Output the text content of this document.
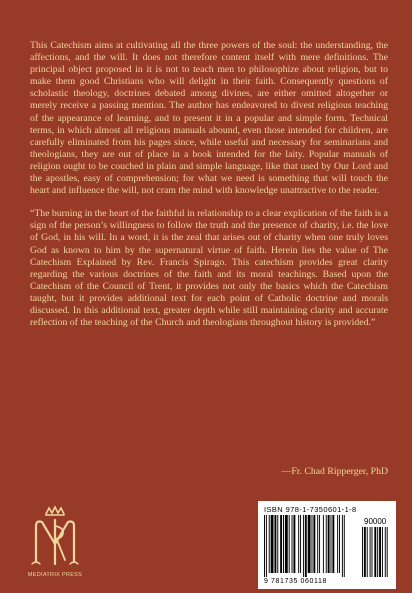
This Catechism aims at cultivating all the three powers of the soul: the understanding, the affections, and the will. It does not therefore content itself with mere definitions. The principal object proposed in it is not to teach men to philosophize about religion, but to make them good Christians who will delight in their faith. Consequently questions of scholastic theology, doctrines debated among divines, are either omitted altogether or merely receive a passing mention. The author has endeavored to divest religious teaching of the appearance of learning, and to present it in a popular and simple form. Technical terms, in which almost all religious manuals abound, even those intended for children, are carefully eliminated from his pages since, while useful and necessary for seminarians and theologians, they are out of place in a book intended for the laity. Popular manuals of religion ought to be couched in plain and simple language, like that used by Our Lord and the apostles, easy of comprehension; for what we need is something that will touch the heart and influence the will, not cram the mind with knowledge unattractive to the reader.

“The burning in the heart of the faithful in relationship to a clear explication of the faith is a sign of the person’s willingness to follow the truth and the presence of charity, i.e. the love of God, in his will. In a word, it is the zeal that arises out of charity when one truly loves God as known to him by the supernatural virtue of faith. Herein lies the value of The Catechism Explained by Rev. Francis Spirago. This catechism provides great clarity regarding the various doctrines of the faith and its moral teachings. Based upon the Catechism of the Council of Trent, it provides not only the basics which the Catechism taught, but it provides additional text for each point of Catholic doctrine and morals discussed. In this additional text, greater depth while still maintaining clarity and accurate reflection of the teaching of the Church and theologians throughout history is provided.”

—Fr. Chad Ripperger, PhD
MEDIATRIX PRESS
ISBN 978-1-7350601-1-8
90000
9 781735 060118
